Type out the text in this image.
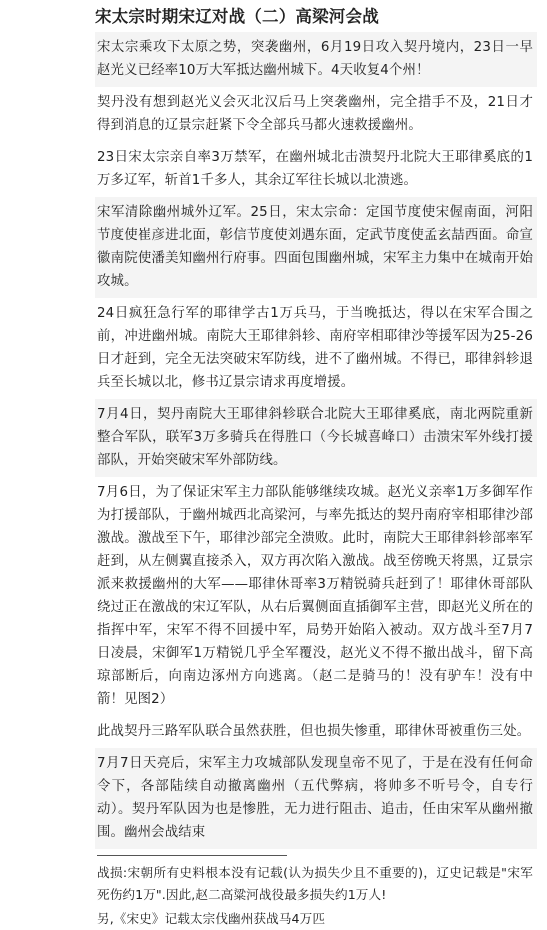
宋太宗时期宋辽对战（二）高梁河会战

宋太宗乘攻下太原之势，突袭幽州，6月19日攻入契丹境内，23日一早赵光义已经率10万大军抵达幽州城下。4天收复4个州！

契丹没有想到赵光义会灭北汉后马上突袭幽州，完全措手不及，21日才得到消息的辽景宗赶紧下令全部兵马都火速救援幽州。

23日宋太宗亲自率3万禁军，在幽州城北击溃契丹北院大王耶律奚底的1万多辽军，斩首1千多人，其余辽军往长城以北溃逃。

宋军清除幽州城外辽军。25日，宋太宗命：定国节度使宋偓南面，河阳节度使崔彦进北面，彰信节度使刘遇东面，定武节度使孟玄喆西面。命宣徽南院使潘美知幽州行府事。四面包围幽州城，宋军主力集中在城南开始攻城。

24日疯狂急行军的耶律学古1万兵马，于当晚抵达，得以在宋军合围之前，冲进幽州城。南院大王耶律斜轸、南府宰相耶律沙等援军因为25-26日才赶到，完全无法突破宋军防线，进不了幽州城。不得已，耶律斜轸退兵至长城以北，修书辽景宗请求再度增援。

7月4日，契丹南院大王耶律斜轸联合北院大王耶律奚底，南北两院重新整合军队，联军3万多骑兵在得胜口（今长城喜峰口）击溃宋军外线打援部队，开始突破宋军外部防线。

7月6日，为了保证宋军主力部队能够继续攻城。赵光义亲率1万多御军作为打援部队，于幽州城西北高梁河，与率先抵达的契丹南府宰相耶律沙部激战。激战至下午，耶律沙部完全溃败。此时，南院大王耶律斜轸部率军赶到，从左侧翼直接杀入，双方再次陷入激战。战至傍晚天将黑，辽景宗派来救援幽州的大军——耶律休哥率3万精锐骑兵赶到了！耶律休哥部队绕过正在激战的宋辽军队，从右后翼侧面直插御军主营，即赵光义所在的指挥中军，宋军不得不回援中军，局势开始陷入被动。双方战斗至7月7日凌晨，宋御军1万精锐几乎全军覆没，赵光义不得不撤出战斗，留下高琼部断后，向南边涿州方向逃离。（赵二是骑马的！没有驴车！没有中箭！见图2）

此战契丹三路军队联合虽然获胜，但也损失惨重，耶律休哥被重伤三处。

7月7日天亮后，宋军主力攻城部队发现皇帝不见了，于是在没有任何命令下，各部陆续自动撤离幽州（五代弊病，将帅多不听号令，自专行动）。契丹军队因为也是惨胜，无力进行阻击、追击，任由宋军从幽州撤围。幽州会战结束

战损:宋朝所有史料根本没有记载(认为损失少且不重要的)，辽史记载是"宋军死伤约1万".因此,赵二高粱河战役最多损失约1万人!

另,《宋史》记载太宗伐幽州获战马4万匹
